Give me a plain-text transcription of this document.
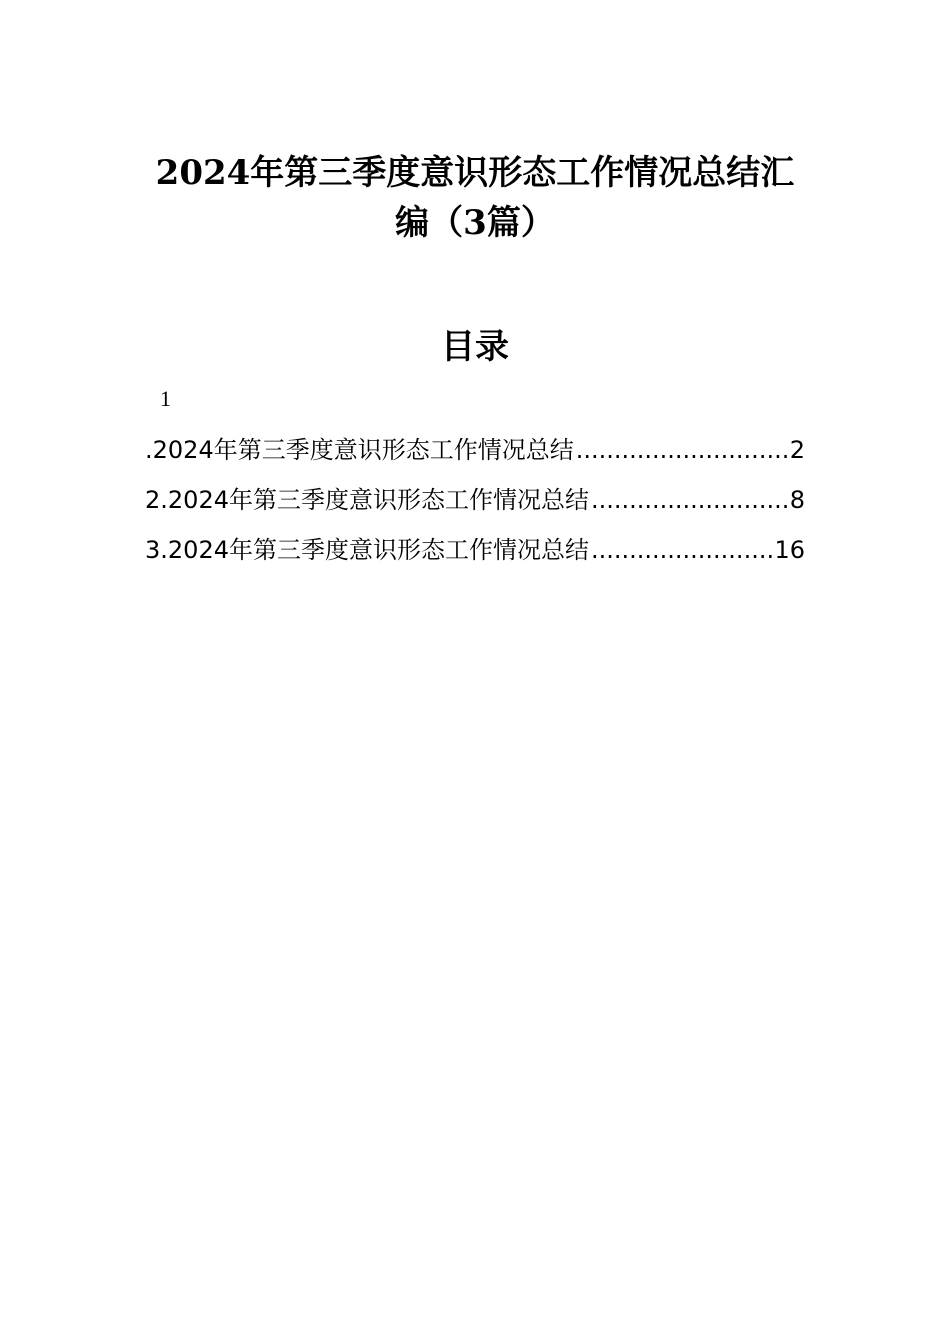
2024年第三季度意识形态工作情况总结汇
编（3篇）
目录
1
.2024年第三季度意识形态工作情况总结 .....	2
2.2024年第三季度意识形态工作情况总结 .....	8
3.2024年第三季度意识形态工作情况总结 .....	16
